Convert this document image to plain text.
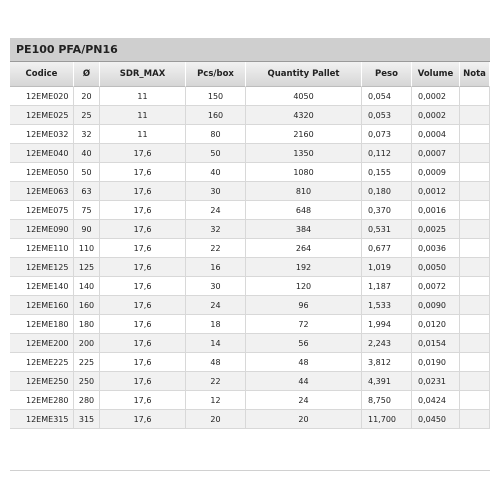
PE100 PFA/PN16
Codice	Ø	SDR_MAX	Pcs/box	Quantity Pallet	Peso	Volume	Nota
12EME020	20	11	150	4050	0,054	0,0002	
12EME025	25	11	160	4320	0,053	0,0002	
12EME032	32	11	80	2160	0,073	0,0004	
12EME040	40	17,6	50	1350	0,112	0,0007	
12EME050	50	17,6	40	1080	0,155	0,0009	
12EME063	63	17,6	30	810	0,180	0,0012	
12EME075	75	17,6	24	648	0,370	0,0016	
12EME090	90	17,6	32	384	0,531	0,0025	
12EME110	110	17,6	22	264	0,677	0,0036	
12EME125	125	17,6	16	192	1,019	0,0050	
12EME140	140	17,6	30	120	1,187	0,0072	
12EME160	160	17,6	24	96	1,533	0,0090	
12EME180	180	17,6	18	72	1,994	0,0120	
12EME200	200	17,6	14	56	2,243	0,0154	
12EME225	225	17,6	48	48	3,812	0,0190	
12EME250	250	17,6	22	44	4,391	0,0231	
12EME280	280	17,6	12	24	8,750	0,0424	
12EME315	315	17,6	20	20	11,700	0,0450	
